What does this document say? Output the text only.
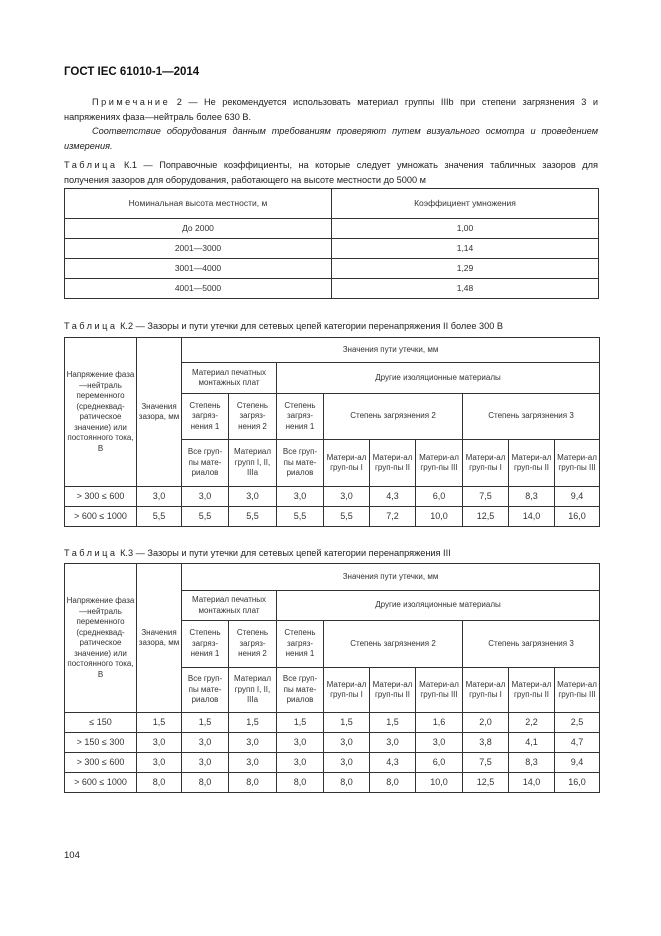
ГОСТ IEC 61010-1—2014
Примечание 2 — Не рекомендуется использовать материал группы IIIb при степени загрязнения 3 и напряжениях фаза—нейтраль более 630 В.
Соответствие оборудования данным требованиям проверяют путем визуального осмотра и проведением измерения.
Таблица К.1 — Поправочные коэффициенты, на которые следует умножать значения табличных зазоров для получения зазоров для оборудования, работающего на высоте местности до 5000 м
Номинальная высота местности, м	Коэффициент умножения
До 2000	1,00
2001—3000	1,14
3001—4000	1,29
4001—5000	1,48
Таблица К.2 — Зазоры и пути утечки для сетевых цепей категории перенапряжения II более 300 В
Напряжение фаза—нейтраль переменного (среднеквад-ратическое значение) или постоянного тока, В	Значения зазора, мм	Значения пути утечки, мм								
		Материал печатных монтажных плат		Другие изоляционные материалы						
		Степень загряз-нения 1	Степень загряз-нения 2	Степень загряз-нения 1	Степень загрязнения 2			Степень загрязнения 3		
		Все груп-пы мате-риалов	Материал групп I, II, IIIa	Все груп-пы мате-риалов	Матери-ал груп-пы I	Матери-ал груп-пы II	Матери-ал груп-пы III	Матери-ал груп-пы I	Матери-ал груп-пы II	Матери-ал груп-пы III

> 300 ≤ 600	3,0	3,0	3,0	3,0	3,0	4,3	6,0	7,5	8,3	9,4
> 600 ≤ 1000	5,5	5,5	5,5	5,5	5,5	7,2	10,0	12,5	14,0	16,0
Таблица К.3 — Зазоры и пути утечки для сетевых цепей категории перенапряжения III
Напряжение фаза—нейтраль переменного (среднеквад-ратическое значение) или постоянного тока, В	Значения зазора, мм	Значения пути утечки, мм								
		Материал печатных монтажных плат		Другие изоляционные материалы						
		Степень загряз-нения 1	Степень загряз-нения 2	Степень загряз-нения 1	Степень загрязнения 2			Степень загрязнения 3		
		Все груп-пы мате-риалов	Материал групп I, II, IIIa	Все груп-пы мате-риалов	Матери-ал груп-пы I	Матери-ал груп-пы II	Матери-ал груп-пы III	Матери-ал груп-пы I	Матери-ал груп-пы II	Матери-ал груп-пы III

≤ 150	1,5	1,5	1,5	1,5	1,5	1,5	1,6	2,0	2,2	2,5
> 150 ≤ 300	3,0	3,0	3,0	3,0	3,0	3,0	3,0	3,8	4,1	4,7
> 300 ≤ 600	3,0	3,0	3,0	3,0	3,0	4,3	6,0	7,5	8,3	9,4
> 600 ≤ 1000	8,0	8,0	8,0	8,0	8,0	8,0	10,0	12,5	14,0	16,0
104
